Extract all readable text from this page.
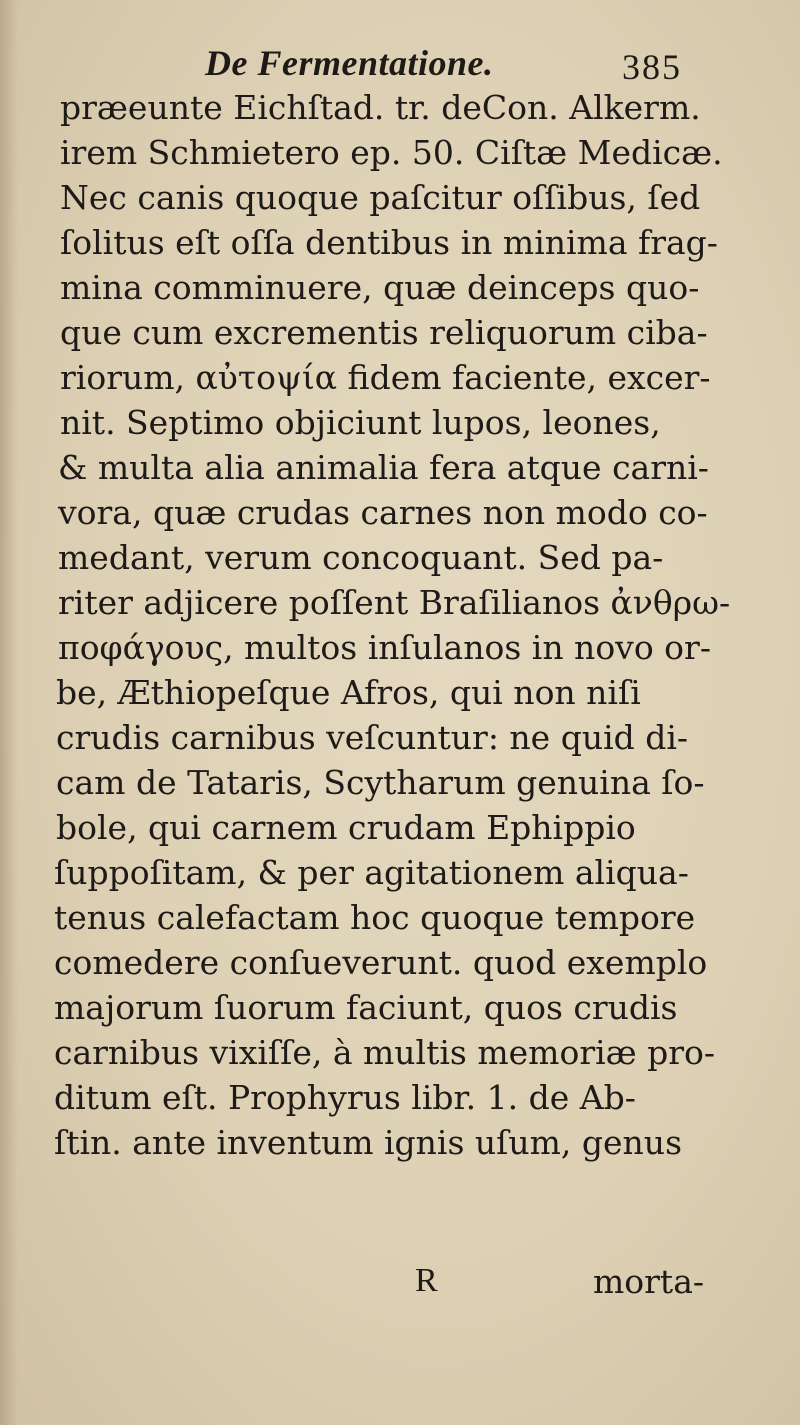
De Fermentatione.	385
præeunte Eichſtad. tr. deCon. Alkerm.
irem Schmietero ep. 50. Ciſtæ Medicæ.
Nec canis quoque paſcitur oſſibus, ſed
ſolitus eſt oſſa dentibus in minima frag-
mina comminuere, quæ deinceps quo-
que cum excrementis reliquorum ciba-
riorum, αὐτοψία fidem faciente, excer-
nit. Septimo objiciunt lupos, leones,
& multa alia animalia fera atque carni-
vora, quæ crudas carnes non modo co-
medant, verum concoquant. Sed pa-
riter adjicere poſſent Braſilianos ἀνθρω-
πoφάγους, multos inſulanos in novo or-
be, Æthiopeſque Afros, qui non niſi
crudis carnibus veſcuntur: ne quid di-
cam de Tataris, Scytharum genuina ſo-
bole, qui carnem crudam Ephippio
ſuppoſitam, & per agitationem aliqua-
tenus calefactam hoc quoque tempore
comedere conſueverunt. quod exemplo
majorum ſuorum faciunt, quos crudis
carnibus vixiſſe, à multis memoriæ pro-
ditum eſt. Prophyrus libr. 1. de Ab-
ſtin. ante inventum ignis uſum, genus
R	morta-
